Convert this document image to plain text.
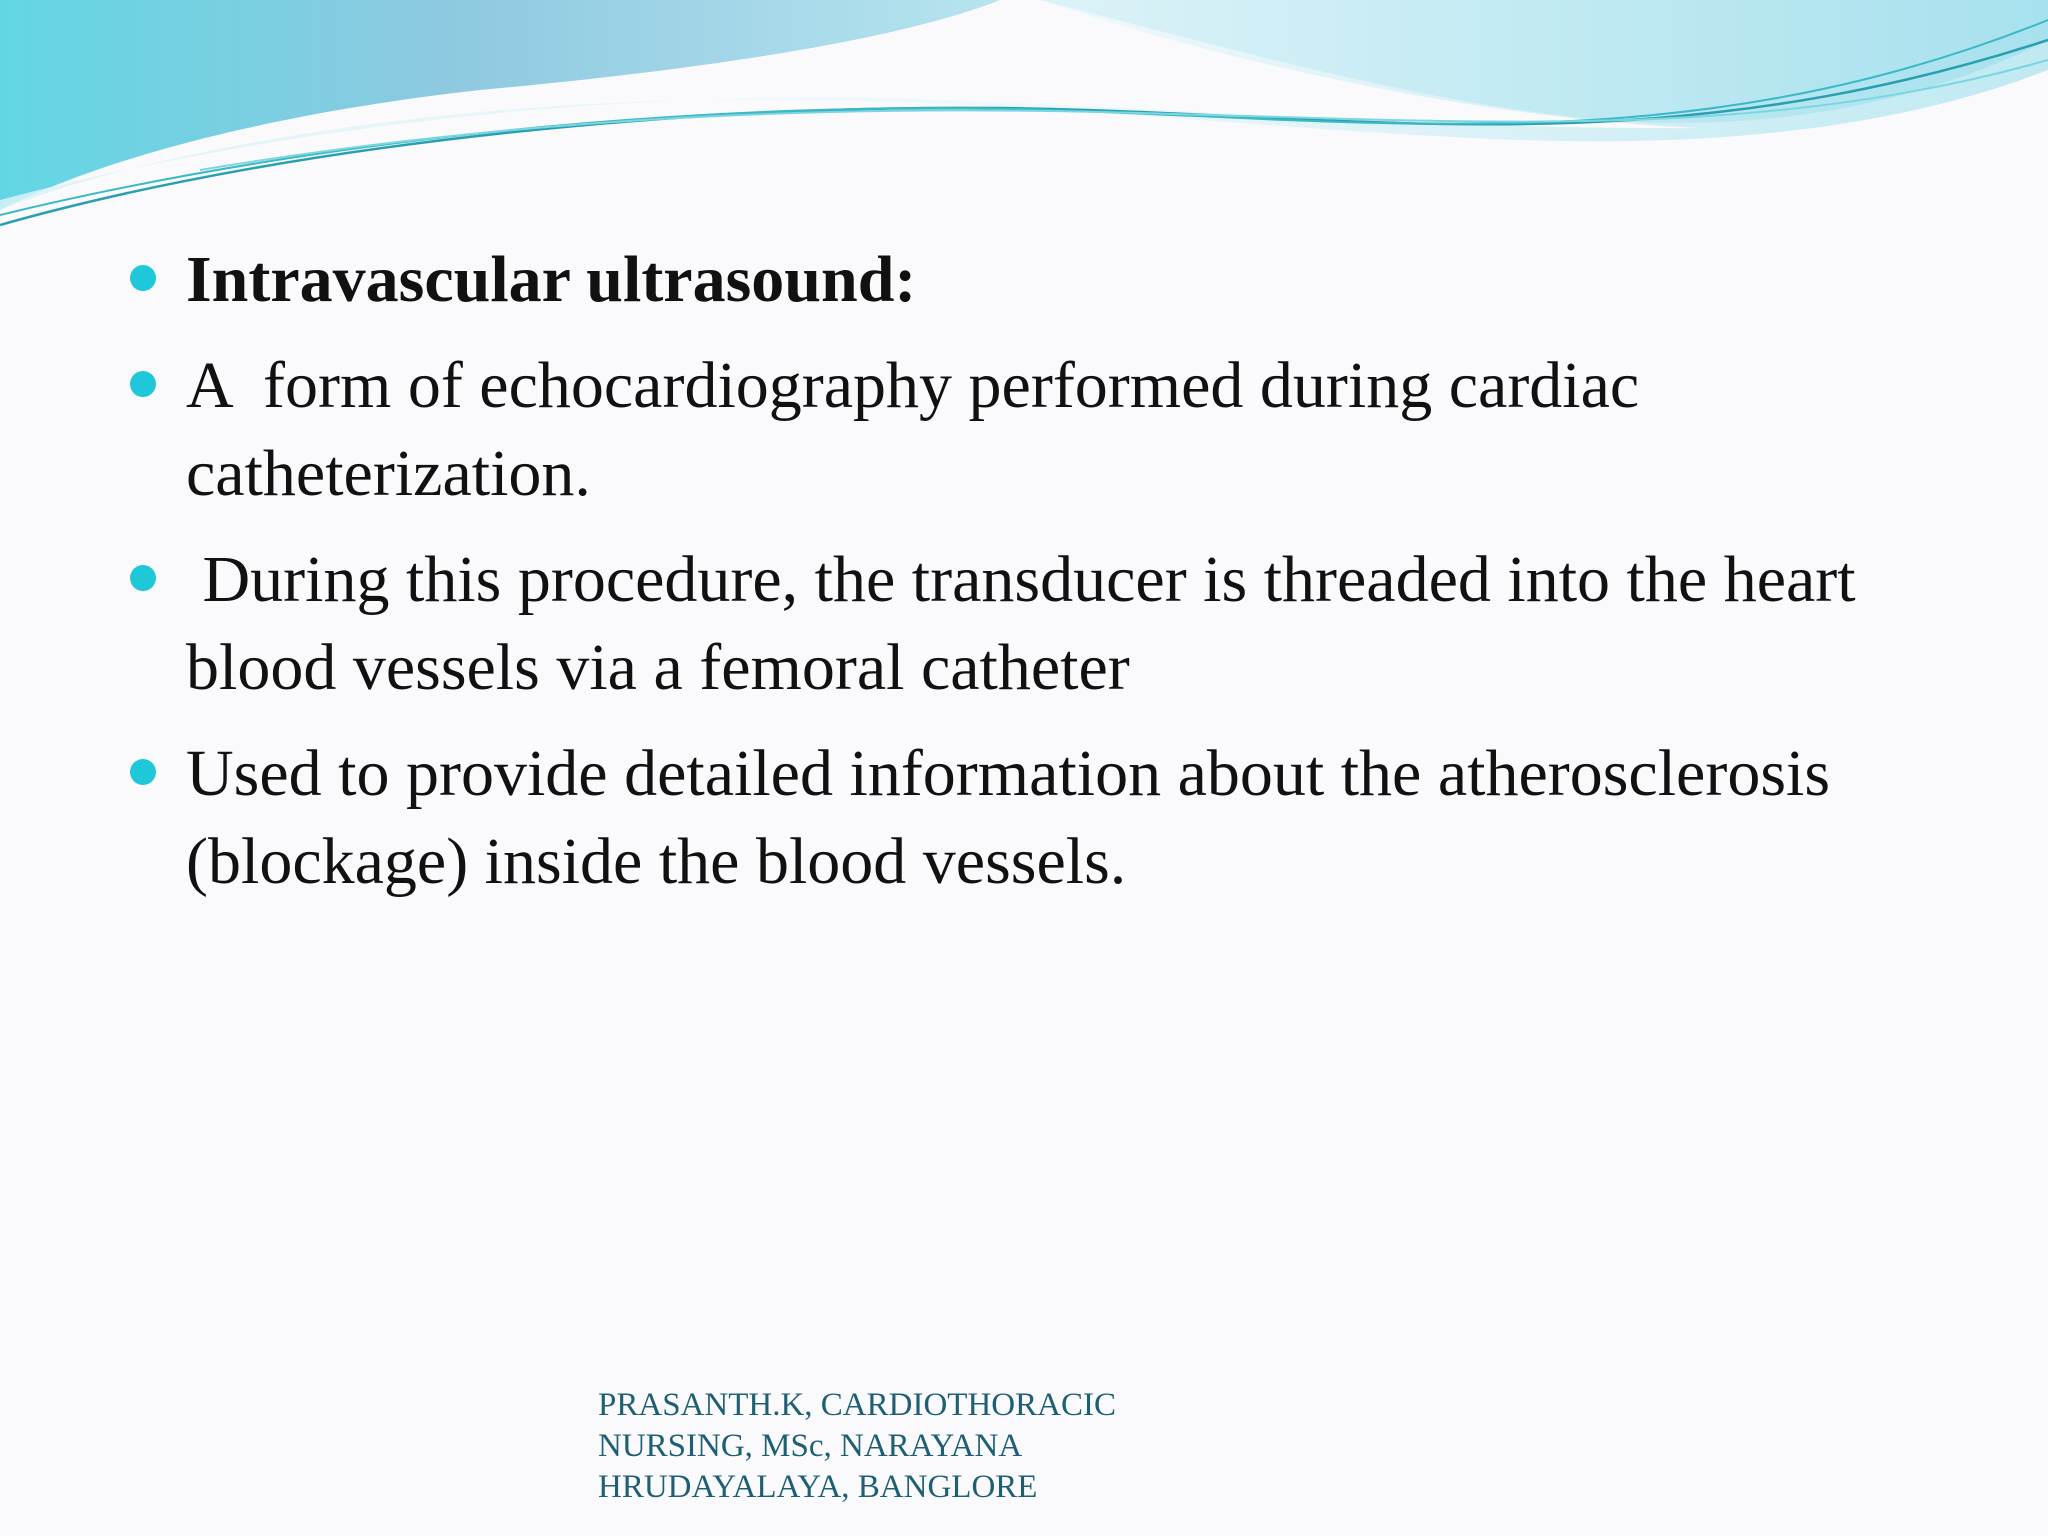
Intravascular ultrasound:
A  form of echocardiography performed during cardiac catheterization.
During this procedure, the transducer is threaded into the heart blood vessels via a femoral catheter
Used to provide detailed information about the atherosclerosis (blockage) inside the blood vessels.
PRASANTH.K, CARDIOTHORACIC
NURSING, MSc, NARAYANA
HRUDAYALAYA, BANGLORE
